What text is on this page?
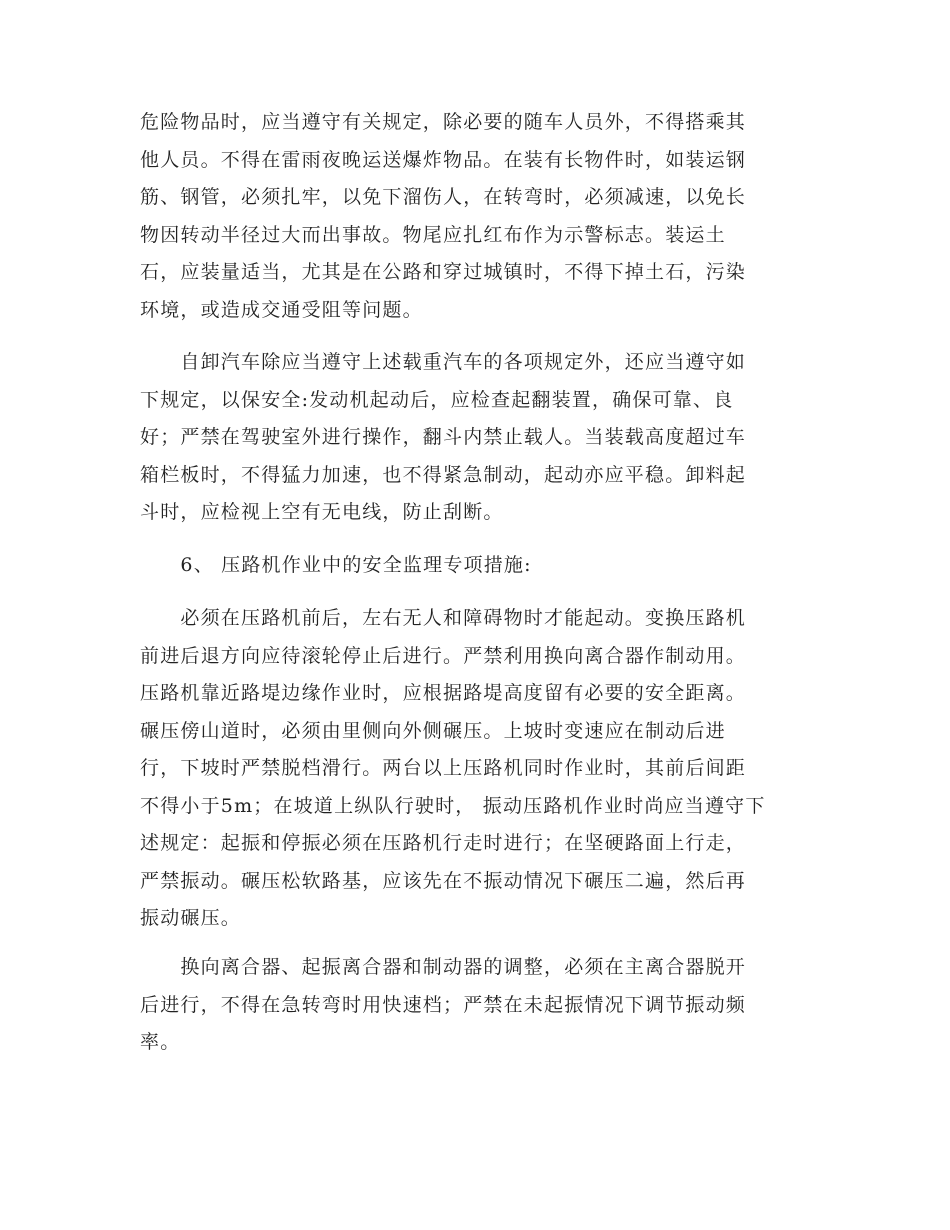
危险物品时，应当遵守有关规定，除必要的随车人员外，不得搭乘其
他人员。不得在雷雨夜晚运送爆炸物品。在装有长物件时，如装运钢
筋、钢管，必须扎牢，以免下溜伤人，在转弯时，必须减速，以免长
物因转动半径过大而出事故。物尾应扎红布作为示警标志。装运土
石，应装量适当，尤其是在公路和穿过城镇时，不得下掉土石，污染
环境，或造成交通受阻等问题。
　　自卸汽车除应当遵守上述载重汽车的各项规定外，还应当遵守如
下规定，以保安全:发动机起动后，应检查起翻装置，确保可靠、良
好；严禁在驾驶室外进行操作，翻斗内禁止载人。当装载高度超过车
箱栏板时，不得猛力加速，也不得紧急制动，起动亦应平稳。卸料起
斗时，应检视上空有无电线，防止刮断。
　　6、 压路机作业中的安全监理专项措施:
　　必须在压路机前后，左右无人和障碍物时才能起动。变换压路机
前进后退方向应待滚轮停止后进行。严禁利用换向离合器作制动用。
压路机靠近路堤边缘作业时，应根据路堤高度留有必要的安全距离。
碾压傍山道时，必须由里侧向外侧碾压。上坡时变速应在制动后进
行，下坡时严禁脱档滑行。两台以上压路机同时作业时，其前后间距
不得小于5m；在坡道上纵队行驶时， 振动压路机作业时尚应当遵守下
述规定：起振和停振必须在压路机行走时进行；在坚硬路面上行走，
严禁振动。碾压松软路基，应该先在不振动情况下碾压二遍，然后再
振动碾压。
　　换向离合器、起振离合器和制动器的调整，必须在主离合器脱开
后进行，不得在急转弯时用快速档；严禁在未起振情况下调节振动频
率。
